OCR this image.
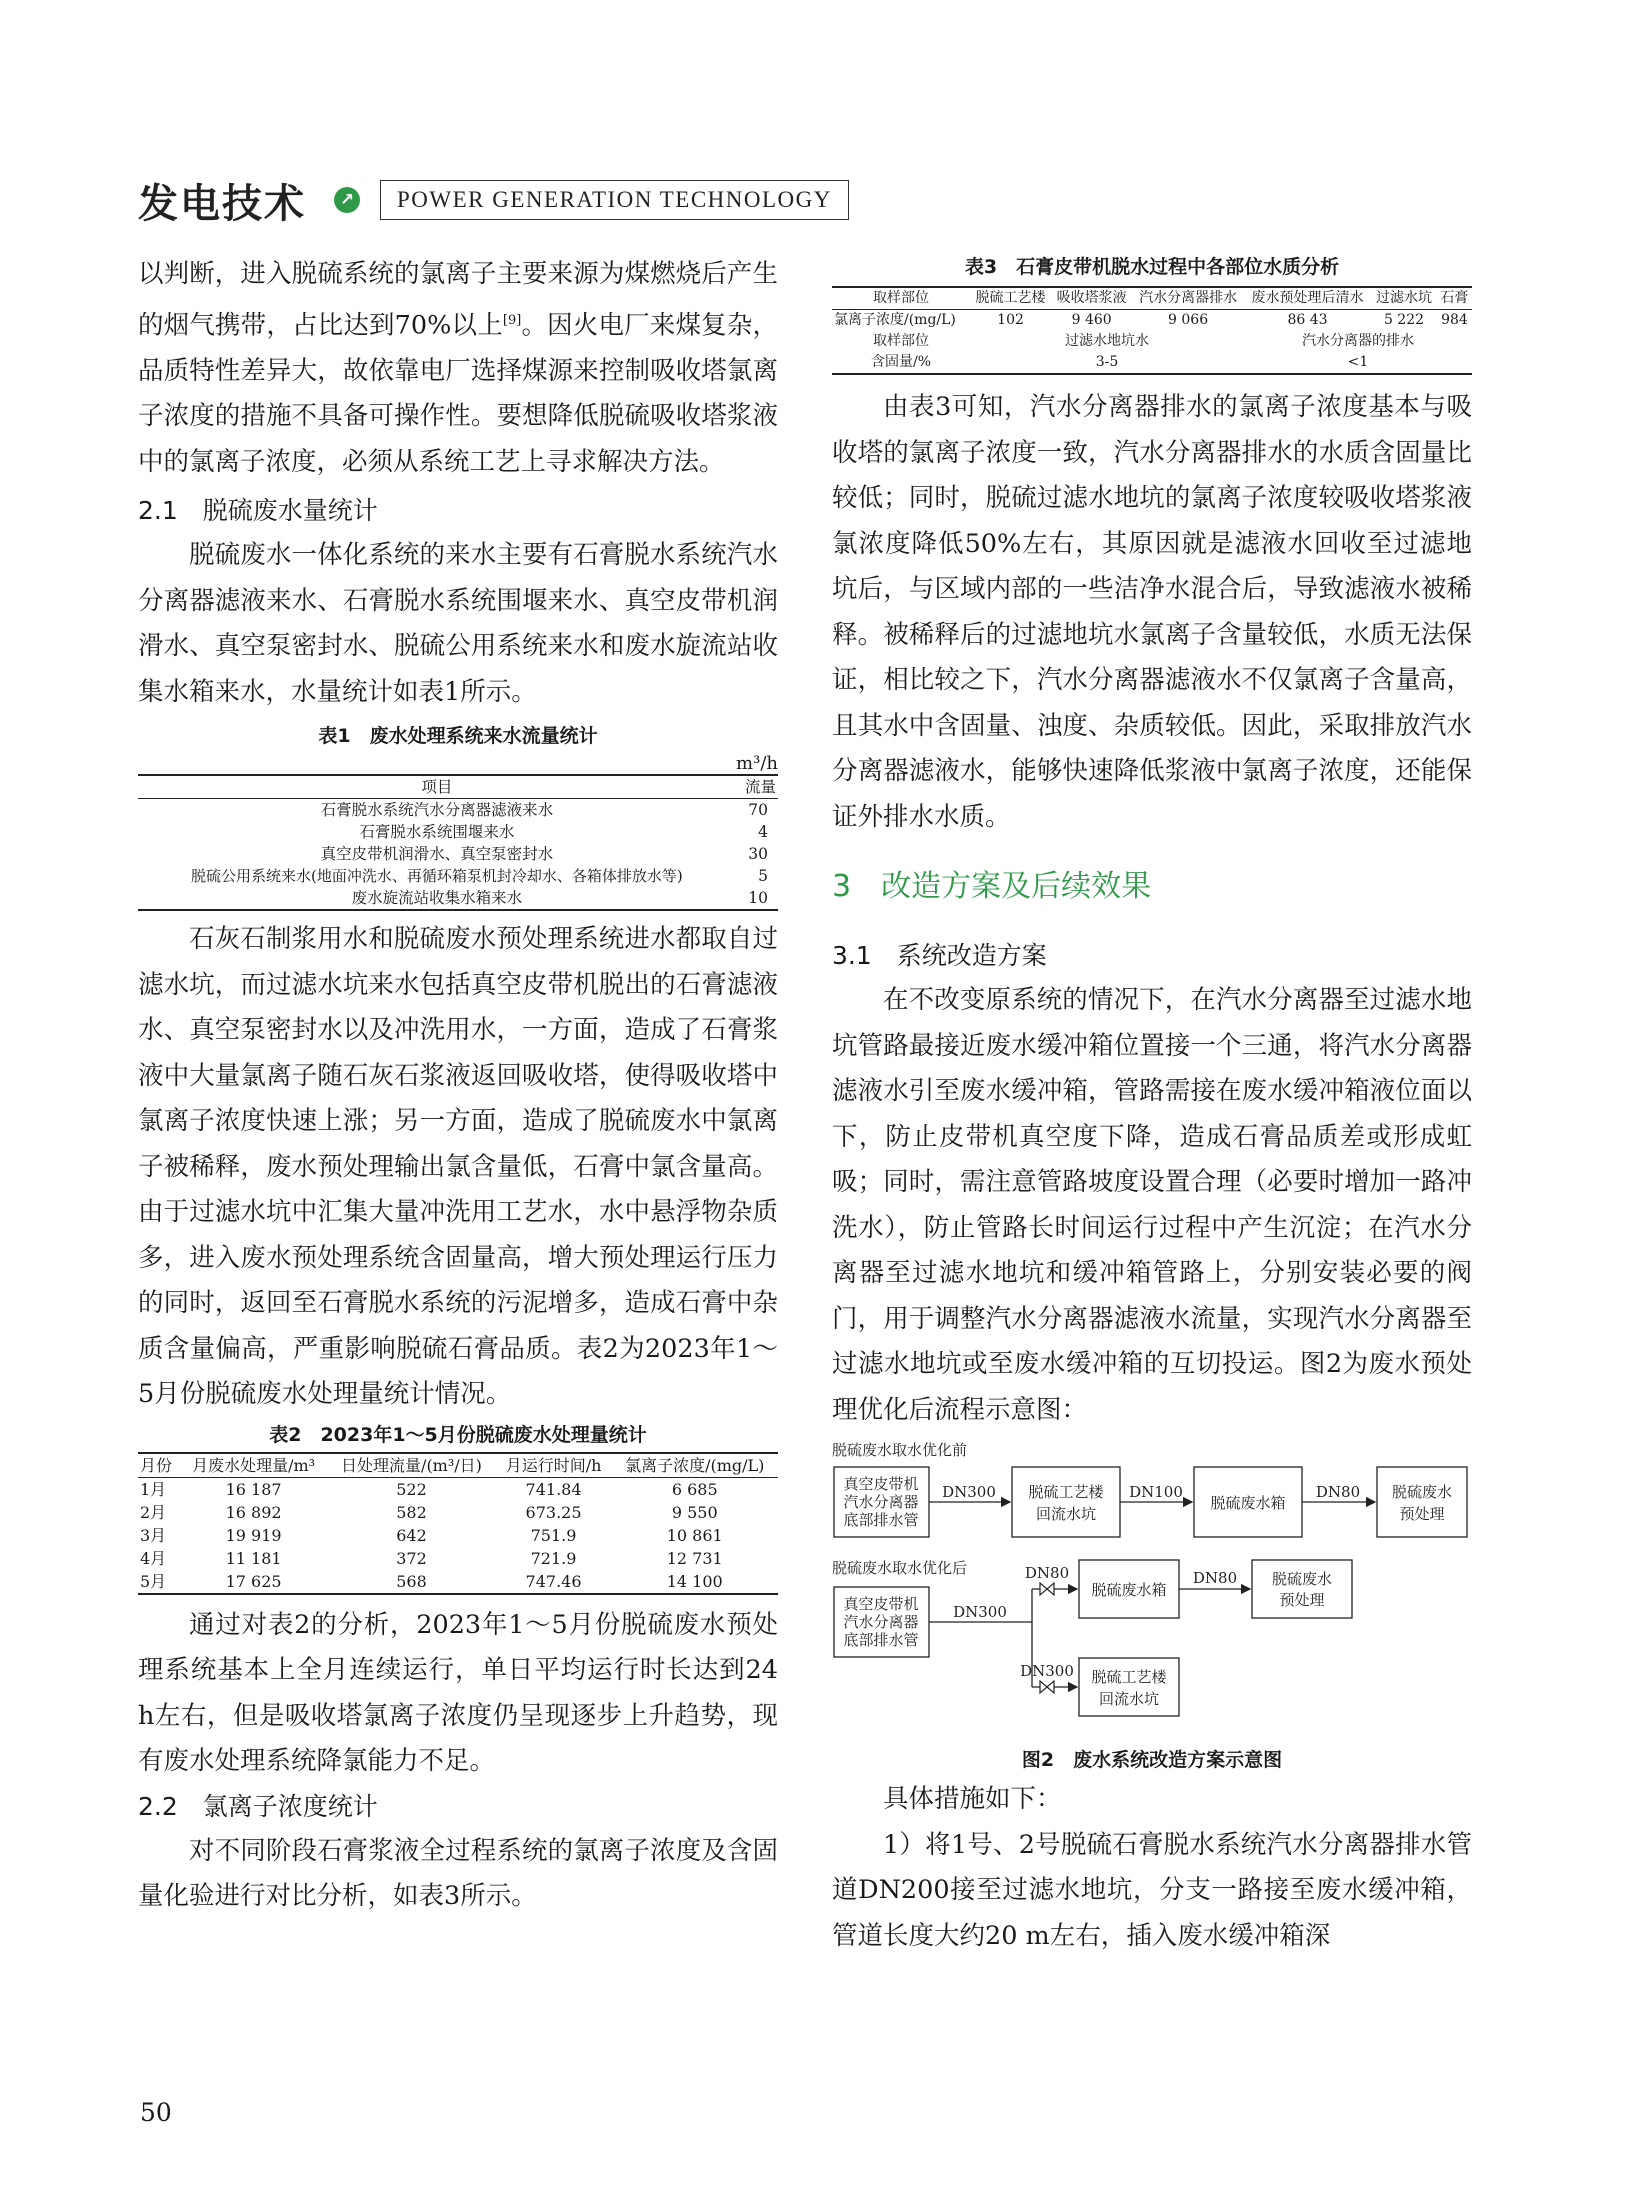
发电技术	↗	POWER GENERATION TECHNOLOGY

以判断，进入脱硫系统的氯离子主要来源为煤燃烧后产生的烟气携带，占比达到70%以上[9]。因火电厂来煤复杂，品质特性差异大，故依靠电厂选择煤源来控制吸收塔氯离子浓度的措施不具备可操作性。要想降低脱硫吸收塔浆液中的氯离子浓度，必须从系统工艺上寻求解决方法。

2.1　脱硫废水量统计

脱硫废水一体化系统的来水主要有石膏脱水系统汽水分离器滤液来水、石膏脱水系统围堰来水、真空皮带机润滑水、真空泵密封水、脱硫公用系统来水和废水旋流站收集水箱来水，水量统计如表1所示。

表1　废水处理系统来水流量统计
m³/h
项目	流量
石膏脱水系统汽水分离器滤液来水	70
石膏脱水系统围堰来水	4
真空皮带机润滑水、真空泵密封水	30
脱硫公用系统来水(地面冲洗水、再循环箱泵机封冷却水、各箱体排放水等)	5
废水旋流站收集水箱来水	10

石灰石制浆用水和脱硫废水预处理系统进水都取自过滤水坑，而过滤水坑来水包括真空皮带机脱出的石膏滤液水、真空泵密封水以及冲洗用水，一方面，造成了石膏浆液中大量氯离子随石灰石浆液返回吸收塔，使得吸收塔中氯离子浓度快速上涨；另一方面，造成了脱硫废水中氯离子被稀释，废水预处理输出氯含量低，石膏中氯含量高。由于过滤水坑中汇集大量冲洗用工艺水，水中悬浮物杂质多，进入废水预处理系统含固量高，增大预处理运行压力的同时，返回至石膏脱水系统的污泥增多，造成石膏中杂质含量偏高，严重影响脱硫石膏品质。表2为2023年1～5月份脱硫废水处理量统计情况。

表2　2023年1～5月份脱硫废水处理量统计
月份	月废水处理量/m³	日处理流量/(m³/日)	月运行时间/h	氯离子浓度/(mg/L)
1月	16 187	522	741.84	6 685
2月	16 892	582	673.25	9 550
3月	19 919	642	751.9	10 861
4月	11 181	372	721.9	12 731
5月	17 625	568	747.46	14 100

通过对表2的分析，2023年1～5月份脱硫废水预处理系统基本上全月连续运行，单日平均运行时长达到24 h左右，但是吸收塔氯离子浓度仍呈现逐步上升趋势，现有废水处理系统降氯能力不足。

2.2　氯离子浓度统计

对不同阶段石膏浆液全过程系统的氯离子浓度及含固量化验进行对比分析，如表3所示。

表3　石膏皮带机脱水过程中各部位水质分析
取样部位	脱硫工艺楼	吸收塔浆液	汽水分离器排水	废水预处理后清水	过滤水坑	石膏
氯离子浓度/(mg/L)	102	9 460	9 066	86 43	5 222	984
取样部位	过滤水地坑水			汽水分离器的排水		
含固量/%	3-5			<1		

由表3可知，汽水分离器排水的氯离子浓度基本与吸收塔的氯离子浓度一致，汽水分离器排水的水质含固量比较低；同时，脱硫过滤水地坑的氯离子浓度较吸收塔浆液氯浓度降低50%左右，其原因就是滤液水回收至过滤地坑后，与区域内部的一些洁净水混合后，导致滤液水被稀释。被稀释后的过滤地坑水氯离子含量较低，水质无法保证，相比较之下，汽水分离器滤液水不仅氯离子含量高，且其水中含固量、浊度、杂质较低。因此，采取排放汽水分离器滤液水，能够快速降低浆液中氯离子浓度，还能保证外排水水质。

3　改造方案及后续效果
3.1　系统改造方案

在不改变原系统的情况下，在汽水分离器至过滤水地坑管路最接近废水缓冲箱位置接一个三通，将汽水分离器滤液水引至废水缓冲箱，管路需接在废水缓冲箱液位面以下，防止皮带机真空度下降，造成石膏品质差或形成虹吸；同时，需注意管路坡度设置合理（必要时增加一路冲洗水），防止管路长时间运行过程中产生沉淀；在汽水分离器至过滤水地坑和缓冲箱管路上，分别安装必要的阀门，用于调整汽水分离器滤液水流量，实现汽水分离器至过滤水地坑或至废水缓冲箱的互切投运。图2为废水预处理优化后流程示意图：

脱硫废水取水优化前
脱硫废水取水优化后
真空皮带机
汽水分离器
底部排水管
脱硫工艺楼
回流水坑
脱硫废水箱
脱硫废水
预处理
DN300	DN100	DN80
真空皮带机
汽水分离器
底部排水管
脱硫废水箱
脱硫废水
预处理
脱硫工艺楼
回流水坑
DN300
DN80
DN300
DN80
图2　废水系统改造方案示意图

具体措施如下：

1）将1号、2号脱硫石膏脱水系统汽水分离器排水管道DN200接至过滤水地坑，分支一路接至废水缓冲箱，管道长度大约20 m左右，插入废水缓冲箱深

50
